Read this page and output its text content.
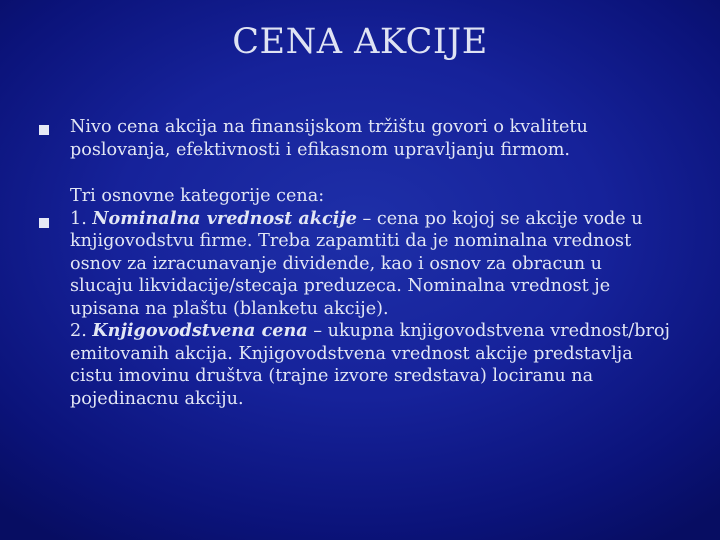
CENA AKCIJE

Nivo cena akcija na finansijskom tržištu govori o kvalitetu
poslovanja, efektivnosti i efikasnom upravljanju firmom.

Tri osnovne kategorije cena:
1. Nominalna vrednost akcije – cena po kojoj se akcije vode u
knjigovodstvu firme. Treba zapamtiti da je nominalna vrednost
osnov za izracunavanje dividende, kao i osnov za obracun u
slucaju likvidacije/stecaja preduzeca. Nominalna vrednost je
upisana na plaštu (blanketu akcije).
2. Knjigovodstvena cena – ukupna knjigovodstvena vrednost/broj
emitovanih akcija. Knjigovodstvena vrednost akcije predstavlja
cistu imovinu društva (trajne izvore sredstava) lociranu na
pojedinacnu akciju.
